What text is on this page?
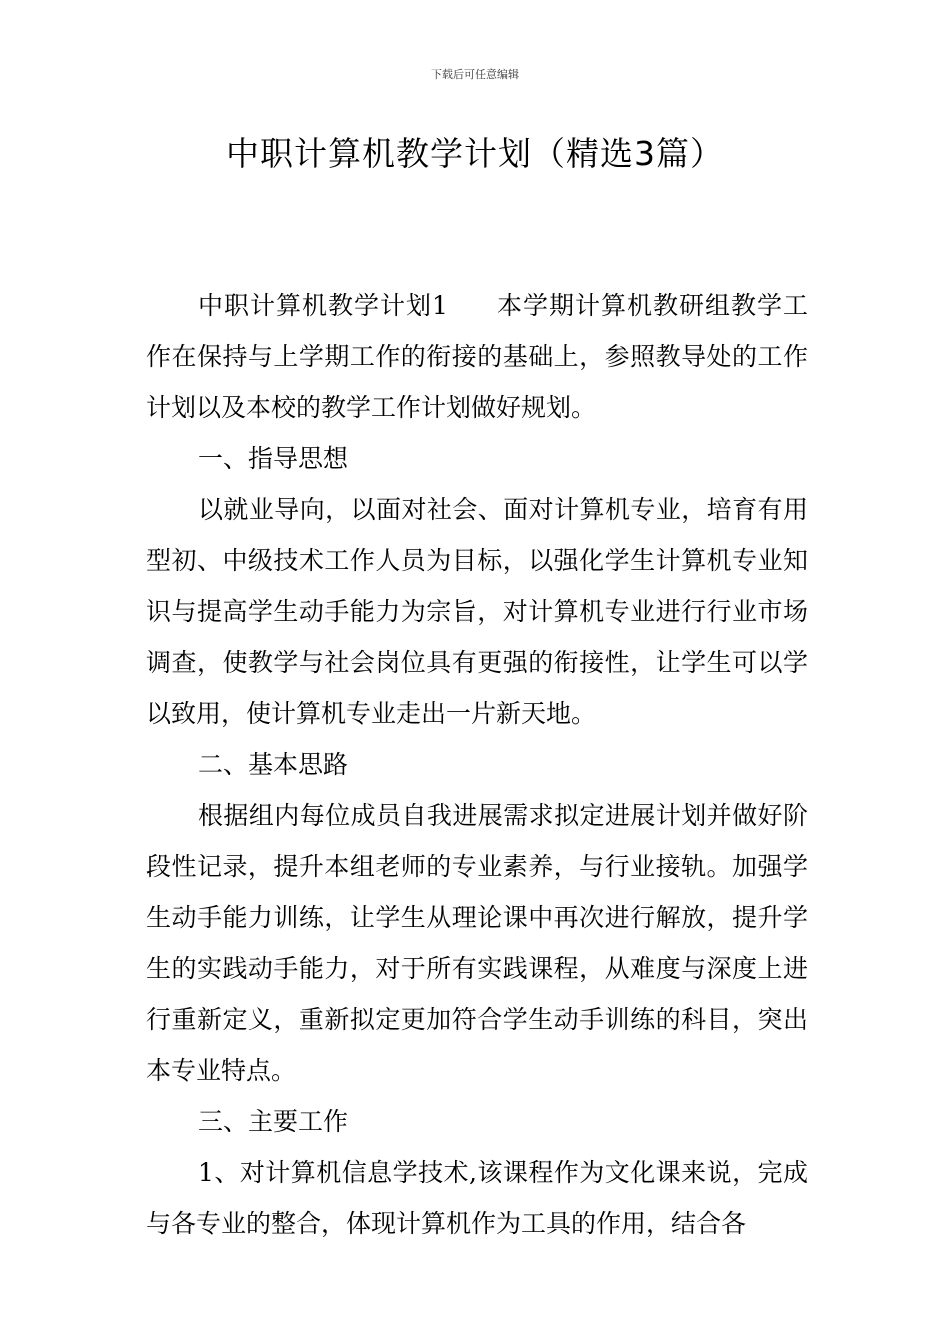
下载后可任意编辑
中职计算机教学计划（精选3篇）

中职计算机教学计划1 本学期计算机教研组教学工作在保持与上学期工作的衔接的基础上，参照教导处的工作计划以及本校的教学工作计划做好规划。

一、指导思想

以就业导向，以面对社会、面对计算机专业，培育有用型初、中级技术工作人员为目标，以强化学生计算机专业知识与提高学生动手能力为宗旨，对计算机专业进行行业市场调查，使教学与社会岗位具有更强的衔接性，让学生可以学以致用，使计算机专业走出一片新天地。

二、基本思路

根据组内每位成员自我进展需求拟定进展计划并做好阶段性记录，提升本组老师的专业素养，与行业接轨。加强学生动手能力训练，让学生从理论课中再次进行解放，提升学生的实践动手能力，对于所有实践课程，从难度与深度上进行重新定义，重新拟定更加符合学生动手训练的科目，突出本专业特点。

三、主要工作

1、对计算机信息学技术,该课程作为文化课来说，完成与各专业的整合，体现计算机作为工具的作用，结合各
